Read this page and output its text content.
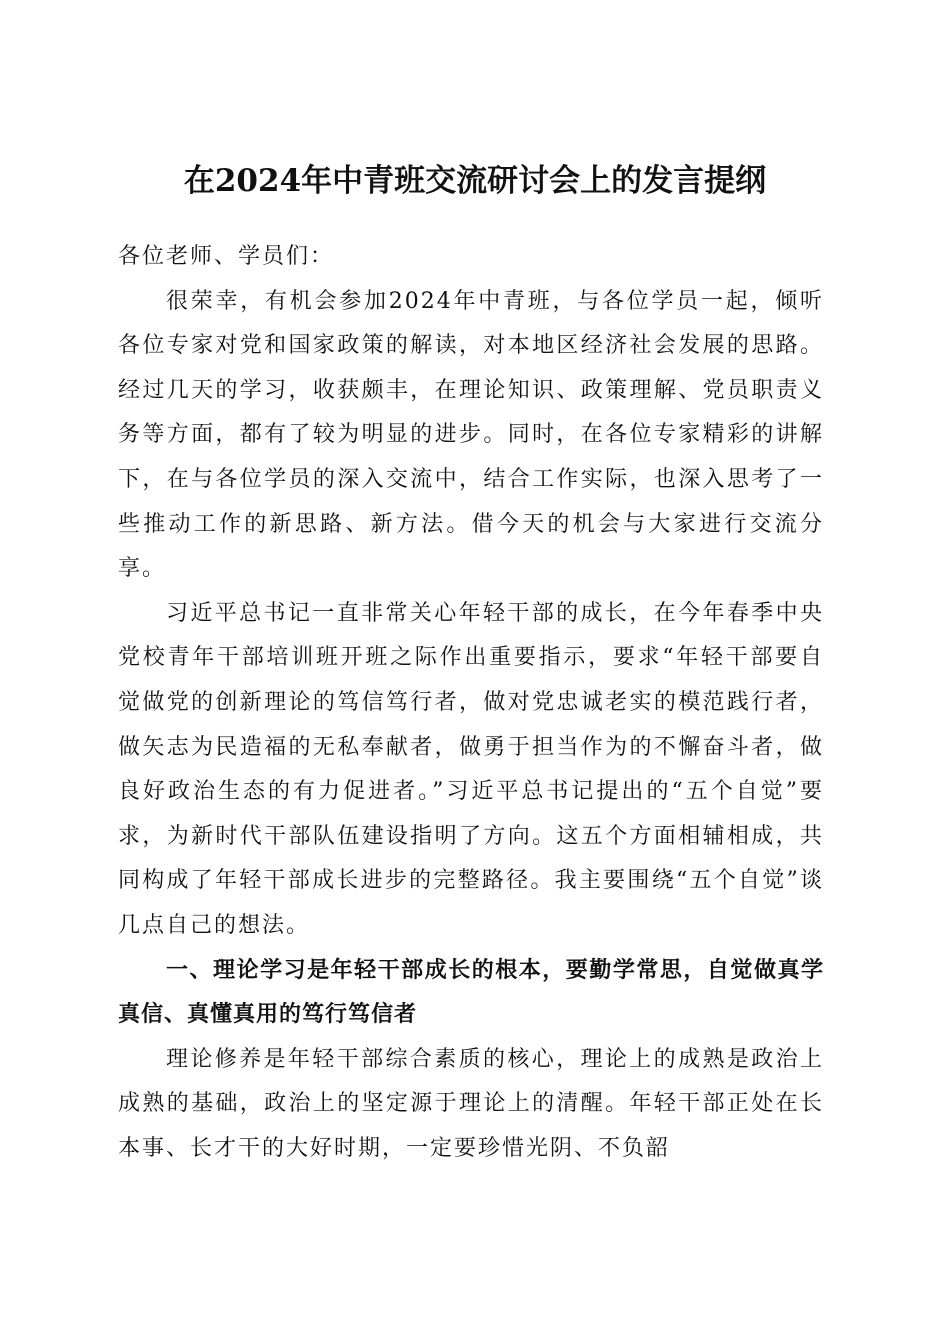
在2024年中青班交流研讨会上的发言提纲

各位老师、学员们：

很荣幸，有机会参加2024年中青班，与各位学员一起，倾听各位专家对党和国家政策的解读，对本地区经济社会发展的思路。经过几天的学习，收获颇丰，在理论知识、政策理解、党员职责义务等方面，都有了较为明显的进步。同时，在各位专家精彩的讲解下，在与各位学员的深入交流中，结合工作实际，也深入思考了一些推动工作的新思路、新方法。借今天的机会与大家进行交流分享。

习近平总书记一直非常关心年轻干部的成长，在今年春季中央党校青年干部培训班开班之际作出重要指示，要求“年轻干部要自觉做党的创新理论的笃信笃行者，做对党忠诚老实的模范践行者，做矢志为民造福的无私奉献者，做勇于担当作为的不懈奋斗者，做良好政治生态的有力促进者。”习近平总书记提出的“五个自觉”要求，为新时代干部队伍建设指明了方向。这五个方面相辅相成，共同构成了年轻干部成长进步的完整路径。我主要围绕“五个自觉”谈几点自己的想法。

一、理论学习是年轻干部成长的根本，要勤学常思，自觉做真学真信、真懂真用的笃行笃信者

理论修养是年轻干部综合素质的核心，理论上的成熟是政治上成熟的基础，政治上的坚定源于理论上的清醒。年轻干部正处在长本事、长才干的大好时期，一定要珍惜光阴、不负韶
